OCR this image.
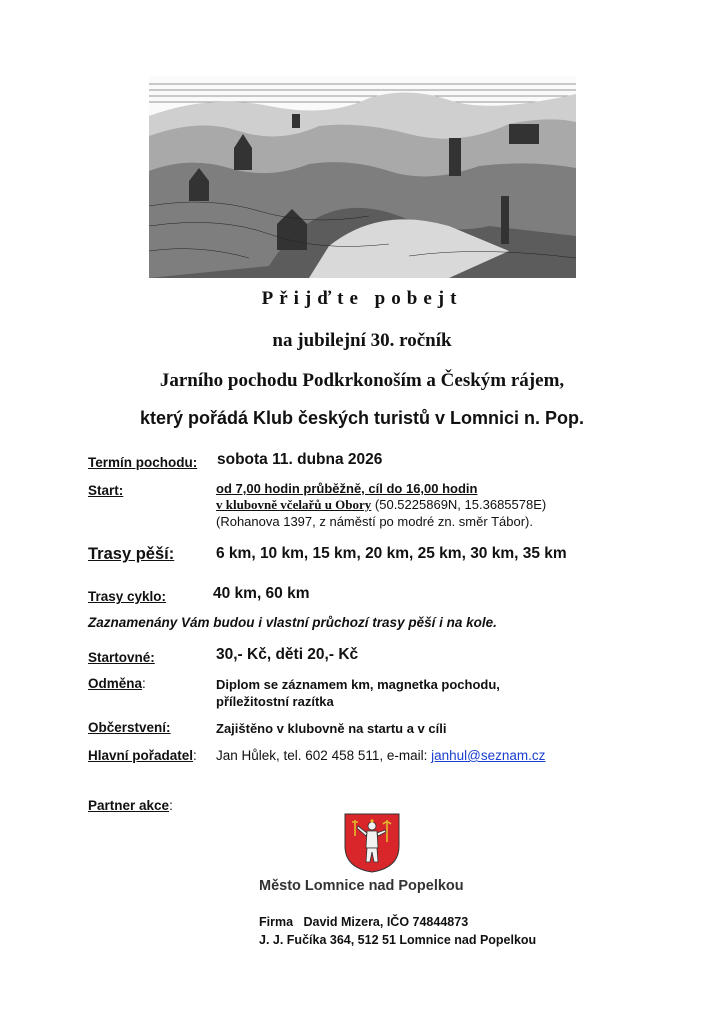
Přijďte pobejt
na jubilejní 30. ročník
Jarního pochodu Podkrkonoším a Českým rájem,
který pořádá Klub českých turistů v Lomnici n. Pop.
Termín pochodu: sobota 11. dubna 2026
Start:	od 7,00 hodin průběžně, cíl do 16,00 hodin
v klubovně včelařů u Obory (50.5225869N, 15.3685578E)
(Rohanova 1397, z náměstí po modré zn. směr Tábor).
Trasy pěší:	6 km, 10 km, 15 km, 20 km, 25 km, 30 km, 35 km
Trasy cyklo:	40 km, 60 km
Zaznamenány Vám budou i vlastní průchozí trasy pěší i na kole.
Startovné:	30,- Kč, děti 20,- Kč
Odměna:	Diplom se záznamem km, magnetka pochodu,
příležitostní razítka
Občerstvení:	Zajištěno v klubovně na startu a v cíli
Hlavní pořadatel: Jan Hůlek, tel. 602 458 511, e-mail: janhul@seznam.cz
Partner akce:
Město Lomnice nad Popelkou
Firma David Mizera, IČO 74844873
J. J. Fučíka 364, 512 51 Lomnice nad Popelkou
